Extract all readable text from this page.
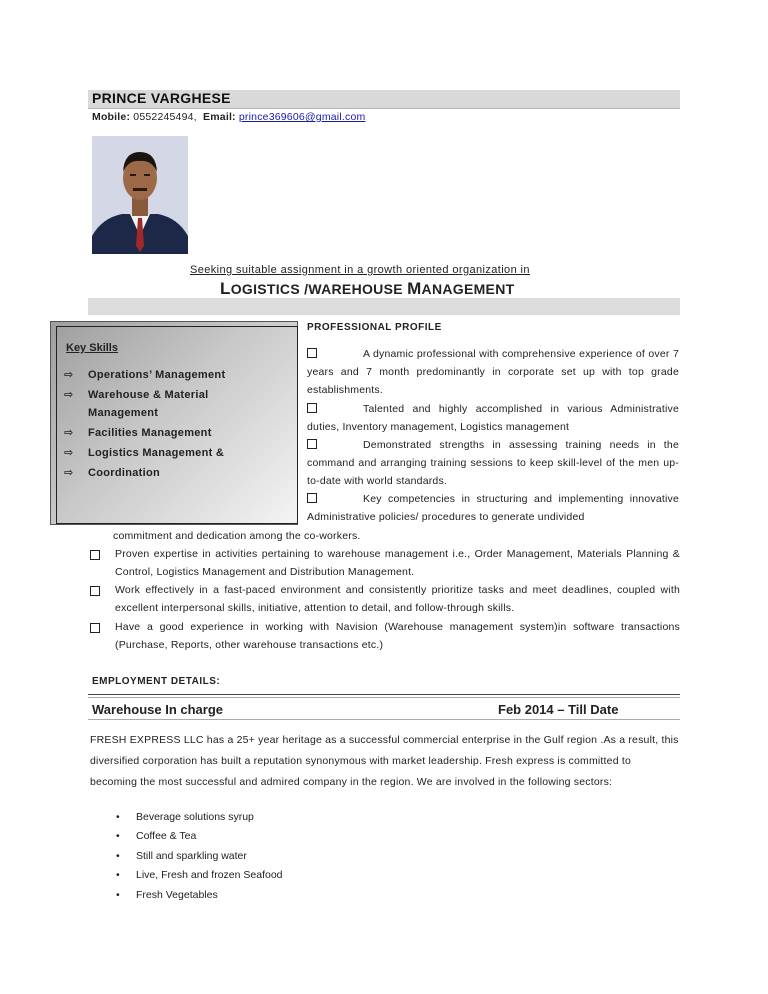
PRINCE VARGHESE
Mobile: 0552245494, Email: prince369606@gmail.com
Seeking suitable assignment in a growth oriented organization in
LOGISTICS /WAREHOUSE MANAGEMENT
Key Skills
⇨ Operations’ Management
⇨ Warehouse & Material
Management
⇨ Facilities Management
⇨ Logistics Management &
⇨ Coordination
PROFESSIONAL PROFILE
A dynamic professional with comprehensive experience of over 7 years and 7 month predominantly in corporate set up with top grade establishments.
Talented and highly accomplished in various Administrative duties, Inventory management, Logistics management
Demonstrated strengths in assessing training needs in the command and arranging training sessions to keep skill-level of the men up-to-date with world standards.
Key competencies in structuring and implementing innovative Administrative policies/ procedures to generate undivided
commitment and dedication among the co-workers.
Proven expertise in activities pertaining to warehouse management i.e., Order Management, Materials Planning & Control, Logistics Management and Distribution Management.
Work effectively in a fast-paced environment and consistently prioritize tasks and meet deadlines, coupled with excellent interpersonal skills, initiative, attention to detail, and follow-through skills.
Have a good experience in working with Navision (Warehouse management system)in software transactions (Purchase, Reports, other warehouse transactions etc.)
EMPLOYMENT DETAILS:
Warehouse In charge	Feb 2014 – Till Date
FRESH EXPRESS LLC has a 25+ year heritage as a successful commercial enterprise in the Gulf region .As a result, this diversified corporation has built a reputation synonymous with market leadership. Fresh express is committed to becoming the most successful and admired company in the region. We are involved in the following sectors:
• Beverage solutions syrup
• Coffee & Tea
• Still and sparkling water
• Live, Fresh and frozen Seafood
• Fresh Vegetables
